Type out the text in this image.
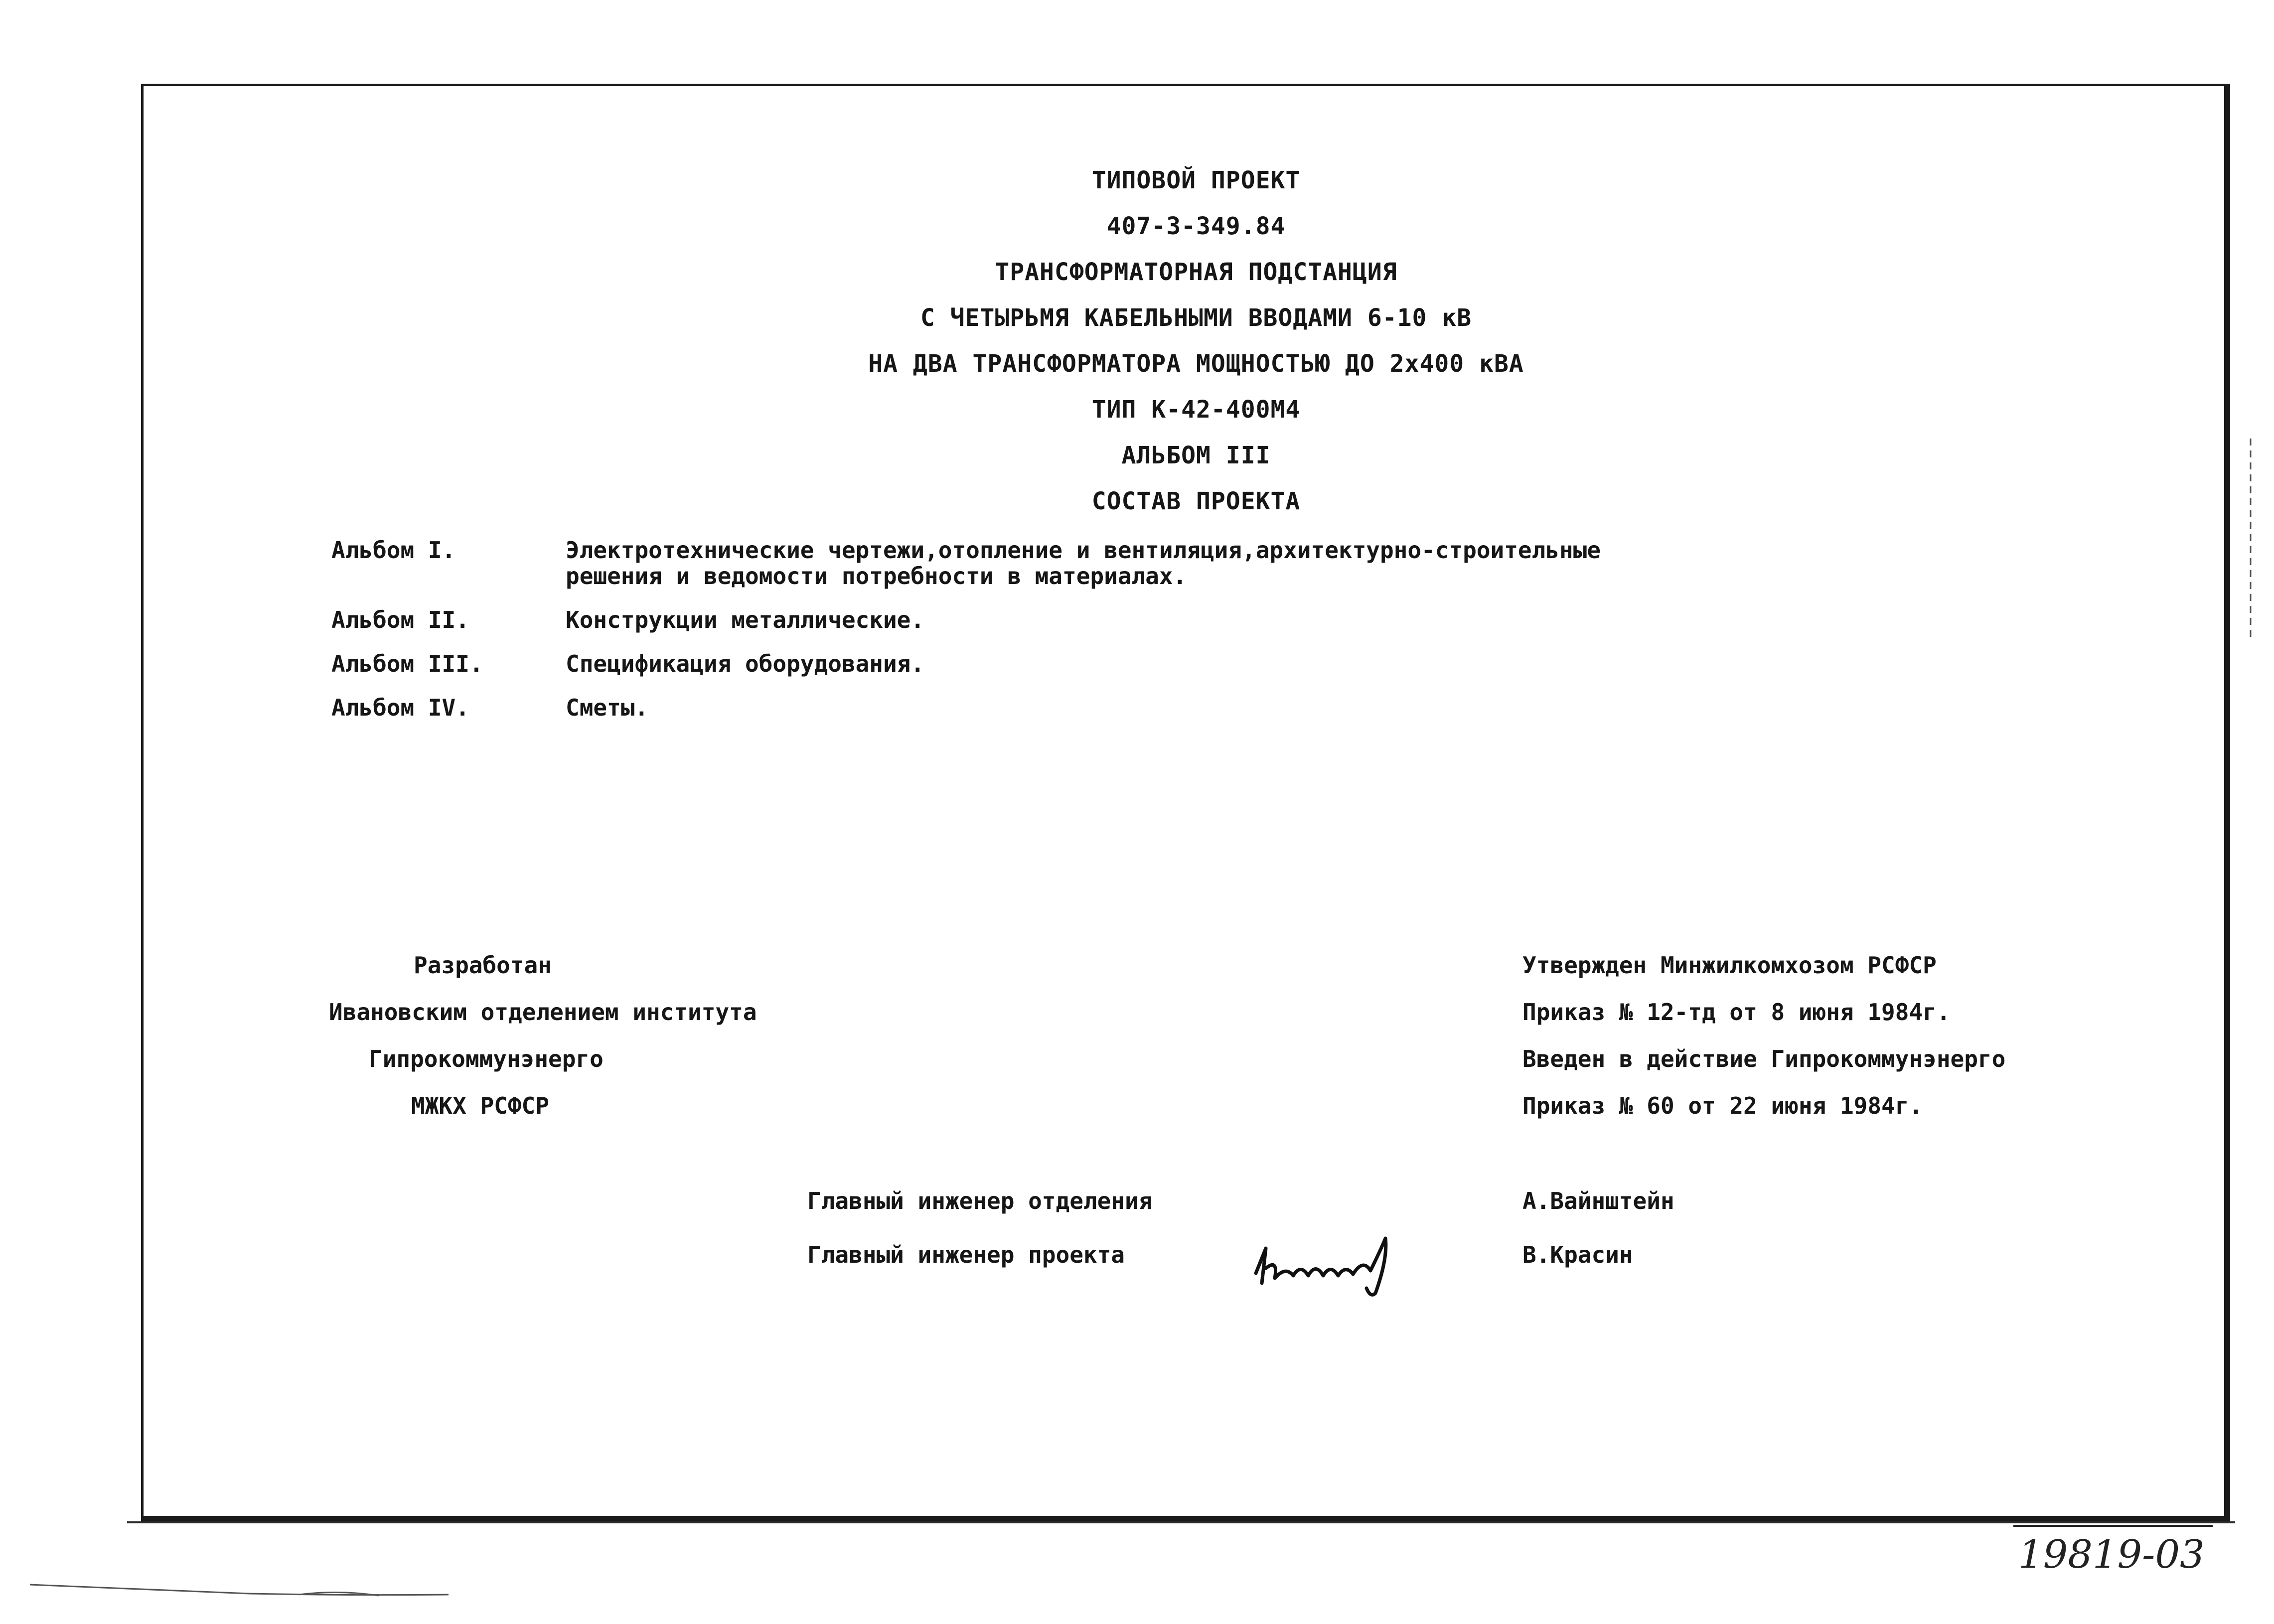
ТИПОВОЙ ПРОЕКТ
407-3-349.84
ТРАНСФОРМАТОРНАЯ ПОДСТАНЦИЯ
С ЧЕТЫРЬМЯ КАБЕЛЬНЫМИ ВВОДАМИ 6-10 кВ
НА ДВА ТРАНСФОРМАТОРА МОЩНОСТЬЮ ДО 2х400 кВА
ТИП К-42-400М4
АЛЬБОМ III
СОСТАВ ПРОЕКТА
Альбом I.	Электротехнические чертежи,отопление и вентиляция,архитектурно-строительные
решения и ведомости потребности в материалах.
Альбом II.	Конструкции металлические.
Альбом III.	Спецификация оборудования.
Альбом IV.	Сметы.
Разработан
Ивановским отделением института
Гипрокоммунэнерго
МЖКХ РСФСР
Утвержден Минжилкомхозом РСФСР
Приказ № 12-тд от 8 июня 1984г.
Введен в действие Гипрокоммунэнерго
Приказ № 60 от 22 июня 1984г.
Главный инженер отделения	А.Вайнштейн
Главный инженер проекта	В.Красин
19819-03
